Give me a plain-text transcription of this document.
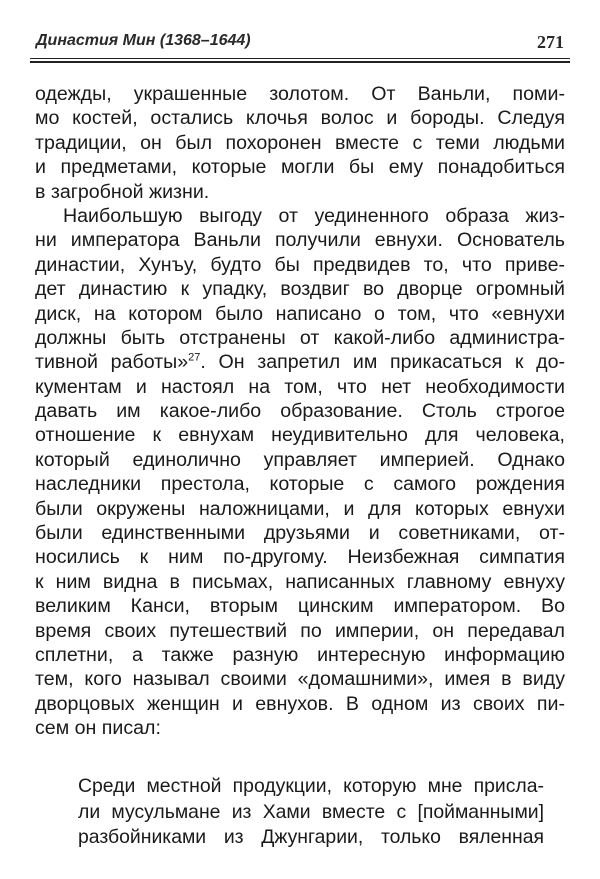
Династия Мин (1368–1644)	271
одежды, украшенные золотом. От Ваньли, поми-
мо костей, остались клочья волос и бороды. Следуя
традиции, он был похоронен вместе с теми людьми
и предметами, которые могли бы ему понадобиться
в загробной жизни.
Наибольшую выгоду от уединенного образа жиз-
ни императора Ваньли получили евнухи. Основатель
династии, Хунъу, будто бы предвидев то, что приве-
дет династию к упадку, воздвиг во дворце огромный
диск, на котором было написано о том, что «евнухи
должны быть отстранены от какой-либо администра-
тивной работы»$^{27}$. Он запретил им прикасаться к до-
кументам и настоял на том, что нет необходимости
давать им какое-либо образование. Столь строгое
отношение к евнухам неудивительно для человека,
который единолично управляет империей. Однако
наследники престола, которые с самого рождения
были окружены наложницами, и для которых евнухи
были единственными друзьями и советниками, от-
носились к ним по-другому. Неизбежная симпатия
к ним видна в письмах, написанных главному евнуху
великим Канси, вторым цинским императором. Во
время своих путешествий по империи, он передавал
сплетни, а также разную интересную информацию
тем, кого называл своими «домашними», имея в виду
дворцовых женщин и евнухов. В одном из своих пи-
сем он писал:
Среди местной продукции, которую мне присла-
ли мусульмане из Хами вместе с [пойманными]
разбойниками из Джунгарии, только вяленная
